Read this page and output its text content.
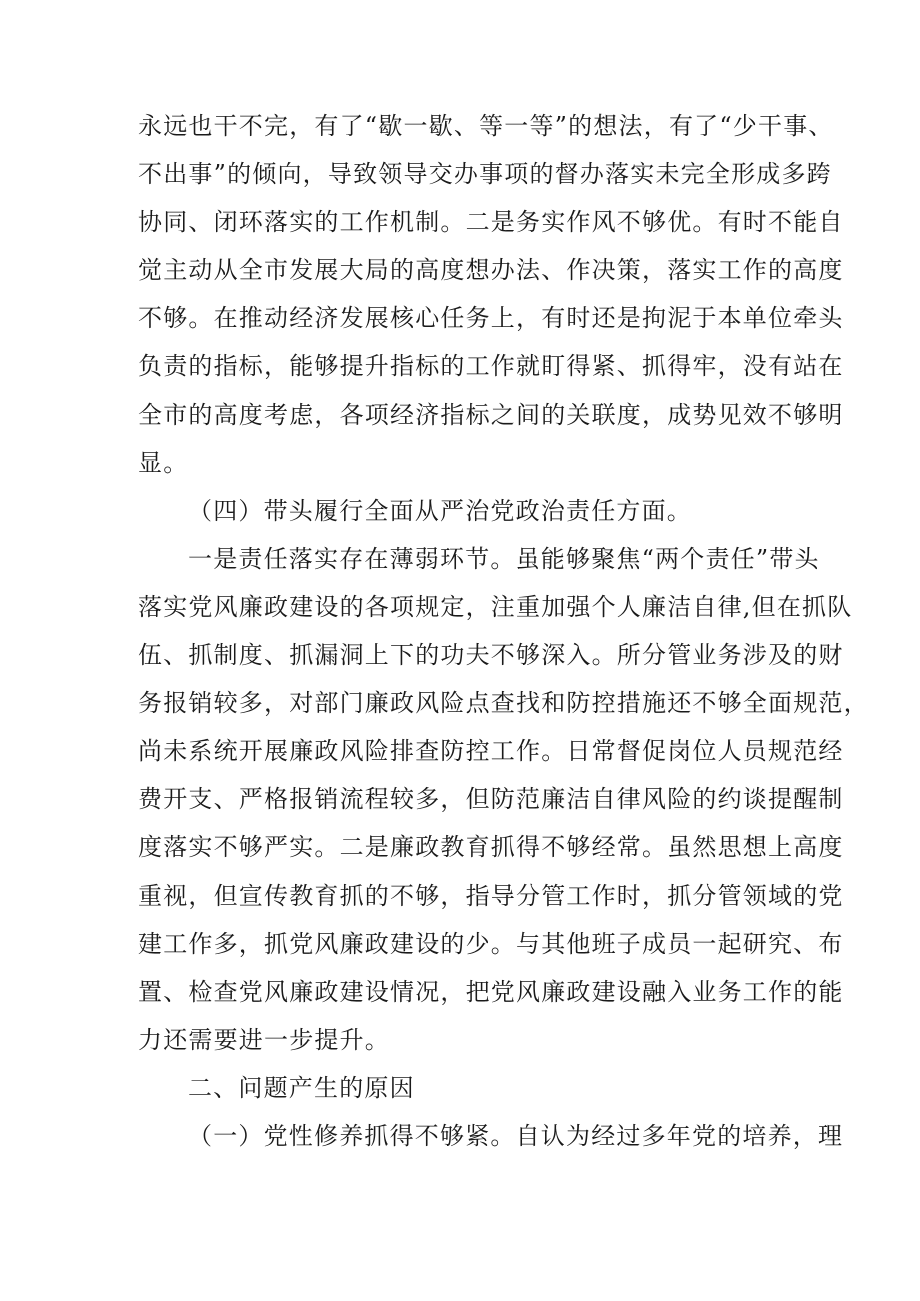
永远也干不完，有了“歇一歇、等一等”的想法，有了“少干事、
不出事”的倾向，导致领导交办事项的督办落实未完全形成多跨
协同、闭环落实的工作机制。二是务实作风不够优。有时不能自
觉主动从全市发展大局的高度想办法、作决策，落实工作的高度
不够。在推动经济发展核心任务上，有时还是拘泥于本单位牵头
负责的指标，能够提升指标的工作就盯得紧、抓得牢，没有站在
全市的高度考虑，各项经济指标之间的关联度，成势见效不够明
显。
（四）带头履行全面从严治党政治责任方面。
一是责任落实存在薄弱环节。虽能够聚焦“两个责任”带头
落实党风廉政建设的各项规定，注重加强个人廉洁自律,但在抓队
伍、抓制度、抓漏洞上下的功夫不够深入。所分管业务涉及的财
务报销较多，对部门廉政风险点查找和防控措施还不够全面规范，
尚未系统开展廉政风险排查防控工作。日常督促岗位人员规范经
费开支、严格报销流程较多，但防范廉洁自律风险的约谈提醒制
度落实不够严实。二是廉政教育抓得不够经常。虽然思想上高度
重视，但宣传教育抓的不够，指导分管工作时，抓分管领域的党
建工作多，抓党风廉政建设的少。与其他班子成员一起研究、布
置、检查党风廉政建设情况，把党风廉政建设融入业务工作的能
力还需要进一步提升。
二、问题产生的原因
（一）党性修养抓得不够紧。自认为经过多年党的培养，理
